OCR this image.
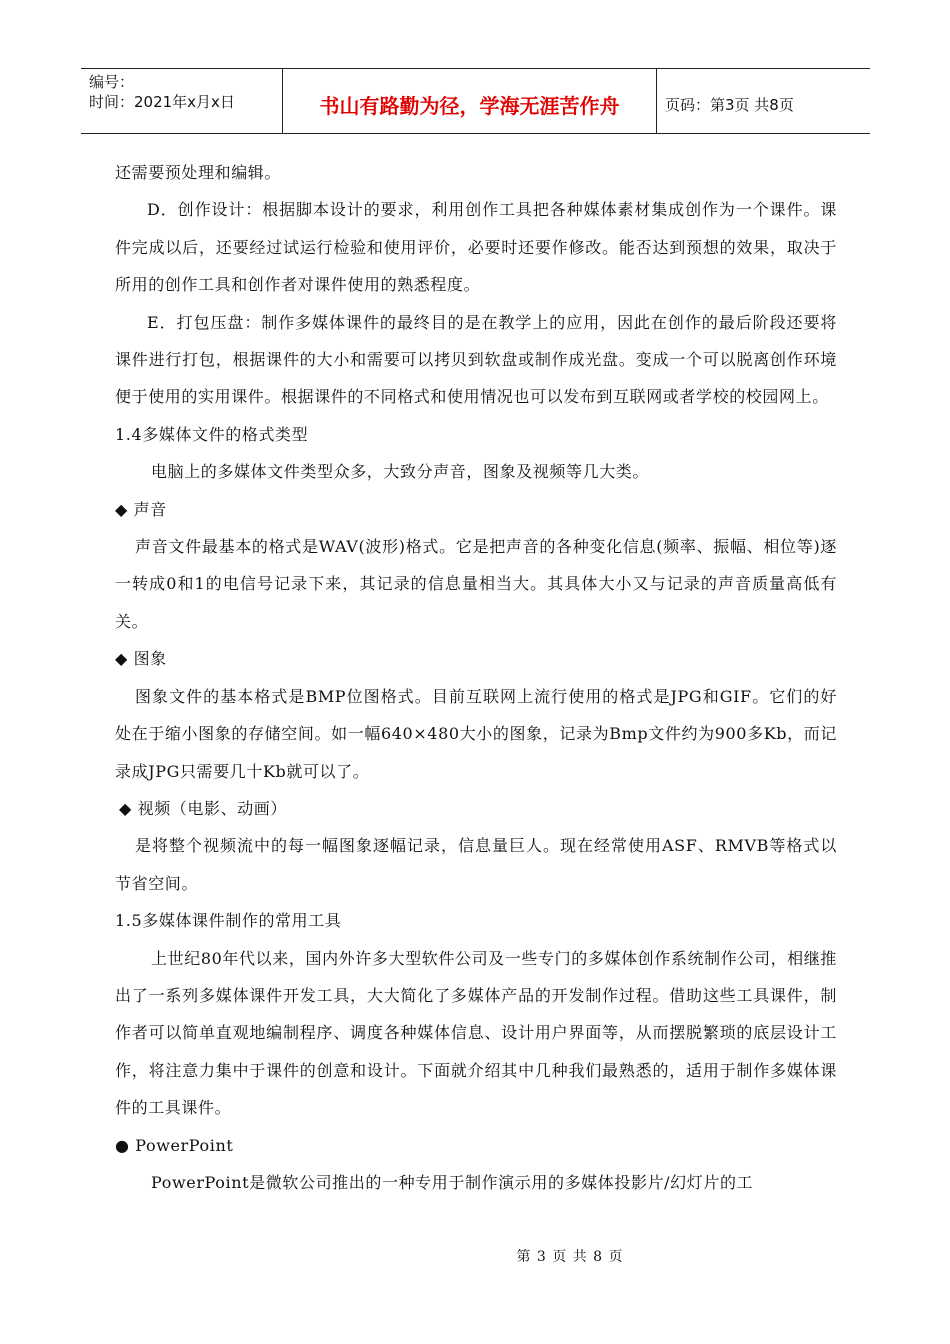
编号：
时间：2021年x月x日	书山有路勤为径，学海无涯苦作舟	页码：第3页 共8页

还需要预处理和编辑。

D．创作设计：根据脚本设计的要求，利用创作工具把各种媒体素材集成创作为一个课件。课件完成以后，还要经过试运行检验和使用评价，必要时还要作修改。能否达到预想的效果，取决于所用的创作工具和创作者对课件使用的熟悉程度。

E．打包压盘：制作多媒体课件的最终目的是在教学上的应用，因此在创作的最后阶段还要将课件进行打包，根据课件的大小和需要可以拷贝到软盘或制作成光盘。变成一个可以脱离创作环境便于使用的实用课件。根据课件的不同格式和使用情况也可以发布到互联网或者学校的校园网上。

1.4多媒体文件的格式类型

电脑上的多媒体文件类型众多，大致分声音，图象及视频等几大类。

◆ 声音

声音文件最基本的格式是WAV(波形)格式。它是把声音的各种变化信息(频率、振幅、相位等)逐一转成0和1的电信号记录下来，其记录的信息量相当大。其具体大小又与记录的声音质量高低有关。

◆ 图象

图象文件的基本格式是BMP位图格式。目前互联网上流行使用的格式是JPG和GIF。它们的好处在于缩小图象的存储空间。如一幅640×480大小的图象，记录为Bmp文件约为900多Kb，而记录成JPG只需要几十Kb就可以了。

◆ 视频（电影、动画）

是将整个视频流中的每一幅图象逐幅记录，信息量巨人。现在经常使用ASF、RMVB等格式以节省空间。

1.5多媒体课件制作的常用工具

上世纪80年代以来，国内外许多大型软件公司及一些专门的多媒体创作系统制作公司，相继推出了一系列多媒体课件开发工具，大大简化了多媒体产品的开发制作过程。借助这些工具课件，制作者可以简单直观地编制程序、调度各种媒体信息、设计用户界面等，从而摆脱繁琐的底层设计工作，将注意力集中于课件的创意和设计。下面就介绍其中几种我们最熟悉的，适用于制作多媒体课件的工具课件。

● PowerPoint

PowerPoint是微软公司推出的一种专用于制作演示用的多媒体投影片/幻灯片的工

第 3 页 共 8 页
